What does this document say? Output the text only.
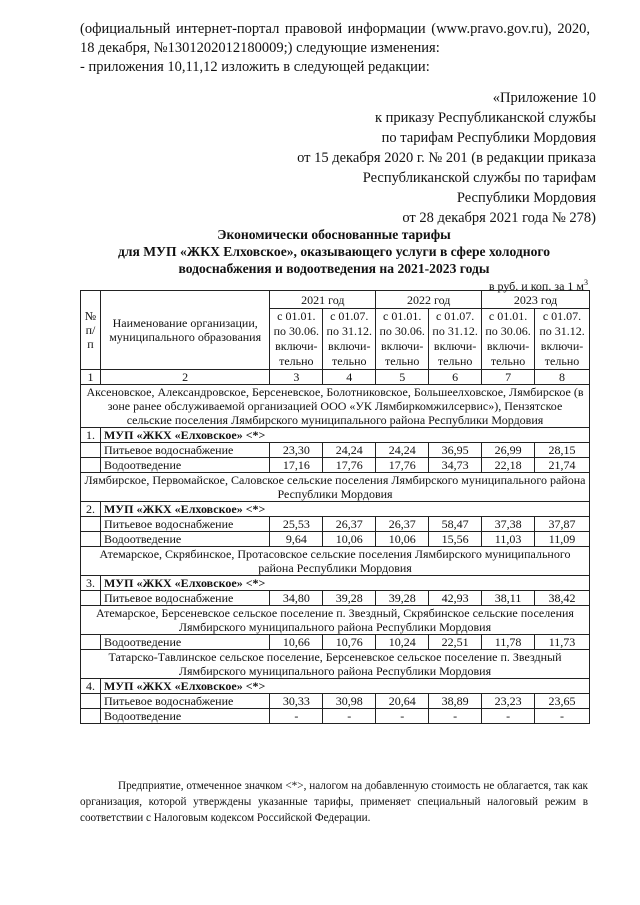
(официальный интернет-портал правовой информации (www.pravo.gov.ru), 2020, 18 декабря, №1301202012180009;) следующие изменения:

- приложения 10,11,12 изложить в следующей редакции:

«Приложение 10
к приказу Республиканской службы
по тарифам Республики Мордовия
от 15 декабря 2020 г. № 201 (в редакции приказа
Республиканской службы по тарифам
Республики Мордовия
от 28 декабря 2021 года № 278)
Экономически обоснованные тарифы
для МУП «ЖКХ Елховское», оказывающего услуги в сфере холодного
водоснабжения и водоотведения на 2021-2023 годы
в руб. и коп. за 1 $м^3$
№ п/п	Наименование организации, муниципального образования	2021 год		2022 год		2023 год	
		с 01.01. по 30.06. включи-тельно	с 01.07. по 31.12. включи-тельно	с 01.01. по 30.06. включи-тельно	с 01.07. по 31.12. включи-тельно	с 01.01. по 30.06. включи-тельно	с 01.07. по 31.12. включи-тельно
1	2	3	4	5	6	7	8
Аксеновское, Александровское, Берсеневское, Болотниковское, Большеелховское, Лямбирское (в зоне ранее обслуживаемой организацией ООО «УК Лямбиркомжилсервис»), Пензятское сельские поселения Лямбирского муниципального района Республики Мордовия							
1.	МУП «ЖКХ «Елховское» <*>						
	Питьевое водоснабжение	23,30	24,24	24,24	36,95	26,99	28,15
	Водоотведение	17,16	17,76	17,76	34,73	22,18	21,74
Лямбирское, Первомайское, Саловское сельские поселения Лямбирского муниципального района Республики Мордовия							
2.	МУП «ЖКХ «Елховское» <*>						
	Питьевое водоснабжение	25,53	26,37	26,37	58,47	37,38	37,87
	Водоотведение	9,64	10,06	10,06	15,56	11,03	11,09
Атемарское, Скрябинское, Протасовское сельские поселения Лямбирского муниципального района Республики Мордовия							
3.	МУП «ЖКХ «Елховское» <*>						
	Питьевое водоснабжение	34,80	39,28	39,28	42,93	38,11	38,42
Атемарское, Берсеневское сельское поселение п. Звездный, Скрябинское сельские поселения Лямбирского муниципального района Республики Мордовия							
	Водоотведение	10,66	10,76	10,24	22,51	11,78	11,73
Татарско-Тавлинское сельское поселение, Берсеневское сельское поселение п. Звездный Лямбирского муниципального района Республики Мордовия							
4.	МУП «ЖКХ «Елховское» <*>						
	Питьевое водоснабжение	30,33	30,98	20,64	38,89	23,23	23,65
	Водоотведение	-	-	-	-	-	-
Предприятие, отмеченное значком <*>, налогом на добавленную стоимость не облагается, так как организация, которой утверждены указанные тарифы, применяет специальный налоговый режим в соответствии с Налоговым кодексом Российской Федерации.
